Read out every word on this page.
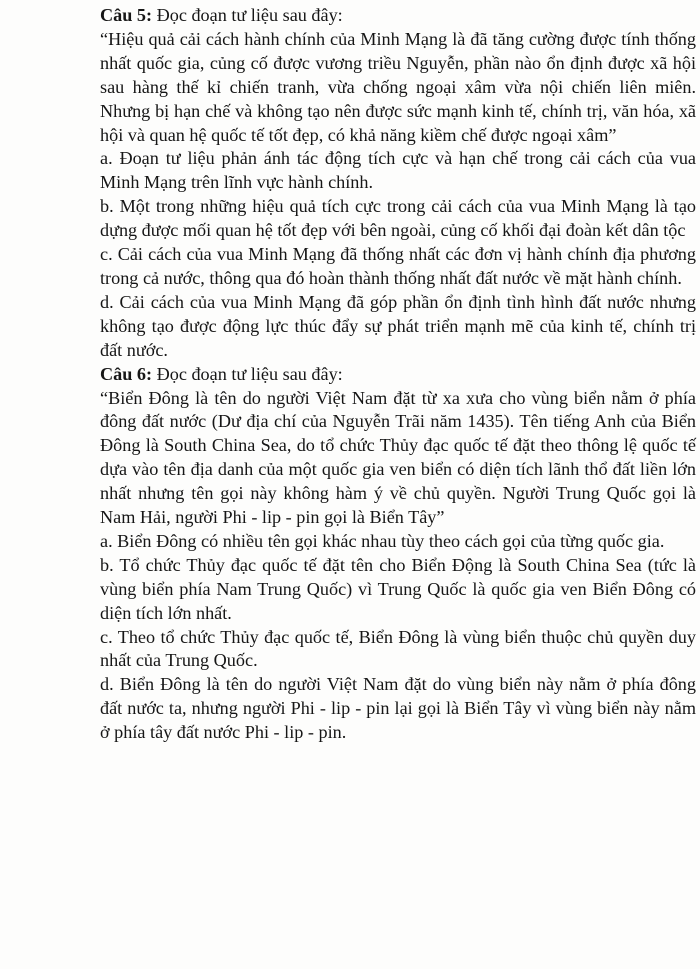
Câu 5: Đọc đoạn tư liệu sau đây:

“Hiệu quả cải cách hành chính của Minh Mạng là đã tăng cường được tính thống nhất quốc gia, củng cố được vương triều Nguyễn, phần nào ổn định được xã hội sau hàng thế kỉ chiến tranh, vừa chống ngoại xâm vừa nội chiến liên miên. Nhưng bị hạn chế và không tạo nên được sức mạnh kinh tế, chính trị, văn hóa, xã hội và quan hệ quốc tế tốt đẹp, có khả năng kiềm chế được ngoại xâm”

a. Đoạn tư liệu phản ánh tác động tích cực và hạn chế trong cải cách của vua Minh Mạng trên lĩnh vực hành chính.

b. Một trong những hiệu quả tích cực trong cải cách của vua Minh Mạng là tạo dựng được mối quan hệ tốt đẹp với bên ngoài, củng cố khối đại đoàn kết dân tộc

c. Cải cách của vua Minh Mạng đã thống nhất các đơn vị hành chính địa phương trong cả nước, thông qua đó hoàn thành thống nhất đất nước về mặt hành chính.

d. Cải cách của vua Minh Mạng đã góp phần ổn định tình hình đất nước nhưng không tạo được động lực thúc đẩy sự phát triển mạnh mẽ của kinh tế, chính trị đất nước.

Câu 6: Đọc đoạn tư liệu sau đây:

“Biển Đông là tên do người Việt Nam đặt từ xa xưa cho vùng biển nằm ở phía đông đất nước (Dư địa chí của Nguyễn Trãi năm 1435). Tên tiếng Anh của Biển Đông là South China Sea, do tổ chức Thủy đạc quốc tế đặt theo thông lệ quốc tế dựa vào tên địa danh của một quốc gia ven biển có diện tích lãnh thổ đất liền lớn nhất nhưng tên gọi này không hàm ý về chủ quyền. Người Trung Quốc gọi là Nam Hải, người Phi - lip - pin gọi là Biển Tây”

a. Biển Đông có nhiều tên gọi khác nhau tùy theo cách gọi của từng quốc gia.

b. Tổ chức Thủy đạc quốc tế đặt tên cho Biển Động là South China Sea (tức là vùng biển phía Nam Trung Quốc) vì Trung Quốc là quốc gia ven Biển Đông có diện tích lớn nhất.

c. Theo tổ chức Thủy đạc quốc tế, Biển Đông là vùng biển thuộc chủ quyền duy nhất của Trung Quốc.

d. Biển Đông là tên do người Việt Nam đặt do vùng biển này nằm ở phía đông đất nước ta, nhưng người Phi - lip - pin lại gọi là Biển Tây vì vùng biển này nằm ở phía tây đất nước Phi - lip - pin.
